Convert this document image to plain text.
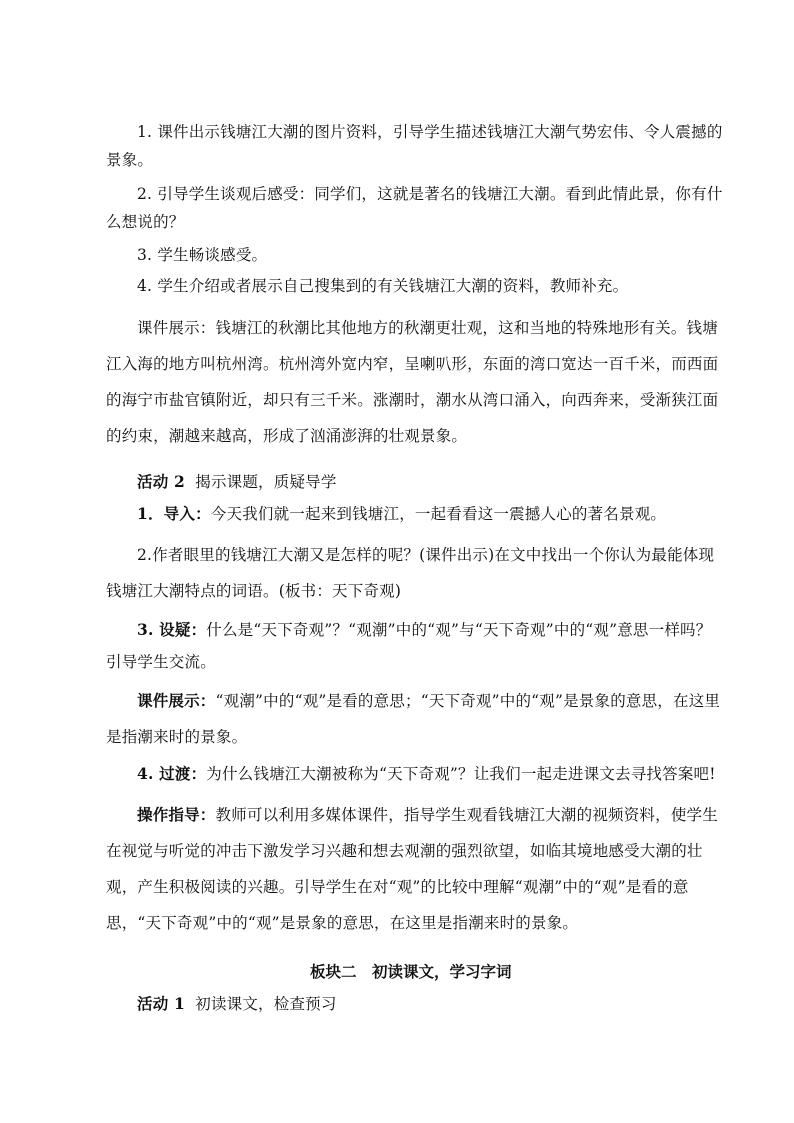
1. 课件出示钱塘江大潮的图片资料，引导学生描述钱塘江大潮气势宏伟、令人震撼的景象。
2. 引导学生谈观后感受：同学们，这就是著名的钱塘江大潮。看到此情此景，你有什么想说的？
3. 学生畅谈感受。
4. 学生介绍或者展示自己搜集到的有关钱塘江大潮的资料，教师补充。
课件展示：钱塘江的秋潮比其他地方的秋潮更壮观，这和当地的特殊地形有关。钱塘江入海的地方叫杭州湾。杭州湾外宽内窄，呈喇叭形，东面的湾口宽达一百千米，而西面的海宁市盐官镇附近，却只有三千米。涨潮时，潮水从湾口涌入，向西奔来，受渐狭江面的约束，潮越来越高，形成了汹涌澎湃的壮观景象。
活动 2 揭示课题，质疑导学
1．导入：今天我们就一起来到钱塘江，一起看看这一震撼人心的著名景观。
2.作者眼里的钱塘江大潮又是怎样的呢？(课件出示)在文中找出一个你认为最能体现钱塘江大潮特点的词语。(板书：天下奇观)
3. 设疑：什么是“天下奇观”？“观潮”中的“观”与“天下奇观”中的“观”意思一样吗？引导学生交流。
课件展示：“观潮”中的“观”是看的意思；“天下奇观”中的“观”是景象的意思，在这里是指潮来时的景象。
4. 过渡：为什么钱塘江大潮被称为“天下奇观”？让我们一起走进课文去寻找答案吧!
操作指导：教师可以利用多媒体课件，指导学生观看钱塘江大潮的视频资料，使学生在视觉与听觉的冲击下激发学习兴趣和想去观潮的强烈欲望，如临其境地感受大潮的壮观，产生积极阅读的兴趣。引导学生在对“观”的比较中理解“观潮”中的“观”是看的意思，“天下奇观”中的“观”是景象的意思，在这里是指潮来时的景象。
板块二　初读课文，学习字词
活动 1 初读课文，检查预习
